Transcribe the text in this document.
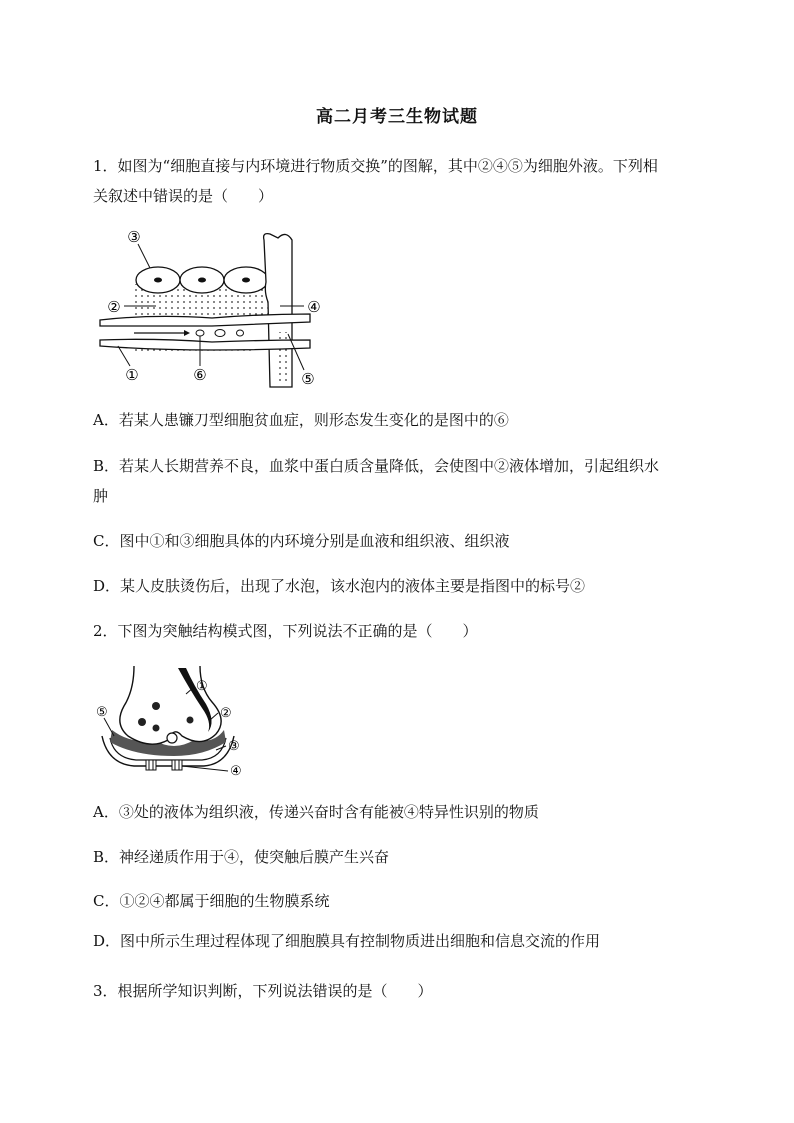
高二月考三生物试题
1．如图为“细胞直接与内环境进行物质交换”的图解，其中②④⑤为细胞外液。下列相
关叙述中错误的是（　　）
③
②	④
①	⑥	⑤
A．若某人患镰刀型细胞贫血症，则形态发生变化的是图中的⑥
B．若某人长期营养不良，血浆中蛋白质含量降低，会使图中②液体增加，引起组织水
肿
C．图中①和③细胞具体的内环境分别是血液和组织液、组织液
D．某人皮肤烫伤后，出现了水泡，该水泡内的液体主要是指图中的标号②
2．下图为突触结构模式图，下列说法不正确的是（　　）
①
②
③
④
⑤
A．③处的液体为组织液，传递兴奋时含有能被④特异性识别的物质
B．神经递质作用于④，使突触后膜产生兴奋
C．①②④都属于细胞的生物膜系统
D．图中所示生理过程体现了细胞膜具有控制物质进出细胞和信息交流的作用
3．根据所学知识判断，下列说法错误的是（　　）
